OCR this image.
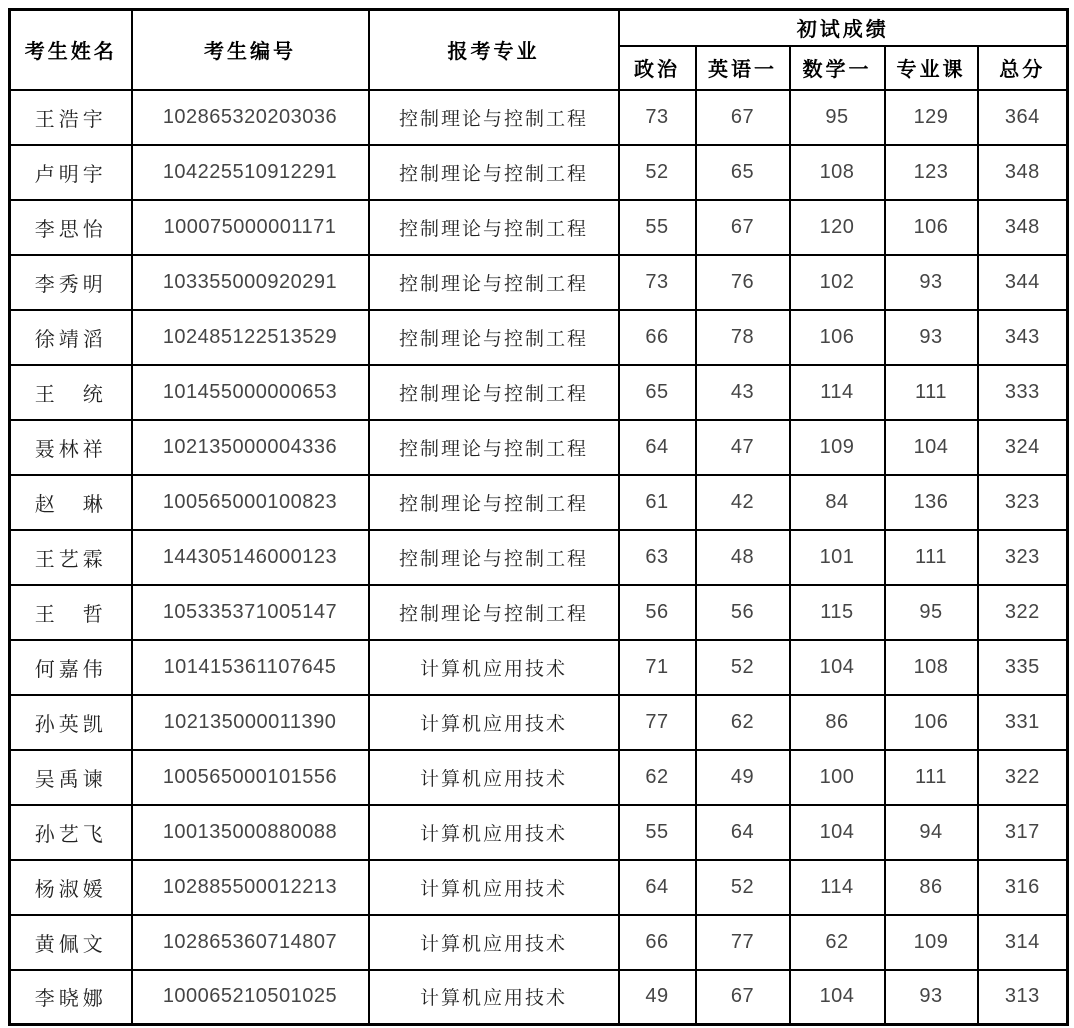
考生姓名	考生编号	报考专业	初试成绩				
			政治	英语一	数学一	专业课	总分
王浩宇	102865320203036	控制理论与控制工程	73	67	95	129	364
卢明宇	104225510912291	控制理论与控制工程	52	65	108	123	348
李思怡	100075000001171	控制理论与控制工程	55	67	120	106	348
李秀明	103355000920291	控制理论与控制工程	73	76	102	93	344
徐靖滔	102485122513529	控制理论与控制工程	66	78	106	93	343
王　统	101455000000653	控制理论与控制工程	65	43	114	111	333
聂林祥	102135000004336	控制理论与控制工程	64	47	109	104	324
赵　琳	100565000100823	控制理论与控制工程	61	42	84	136	323
王艺霖	144305146000123	控制理论与控制工程	63	48	101	111	323
王　哲	105335371005147	控制理论与控制工程	56	56	115	95	322
何嘉伟	101415361107645	计算机应用技术	71	52	104	108	335
孙英凯	102135000011390	计算机应用技术	77	62	86	106	331
吴禹谏	100565000101556	计算机应用技术	62	49	100	111	322
孙艺飞	100135000880088	计算机应用技术	55	64	104	94	317
杨淑媛	102885500012213	计算机应用技术	64	52	114	86	316
黄佩文	102865360714807	计算机应用技术	66	77	62	109	314
李晓娜	100065210501025	计算机应用技术	49	67	104	93	313
